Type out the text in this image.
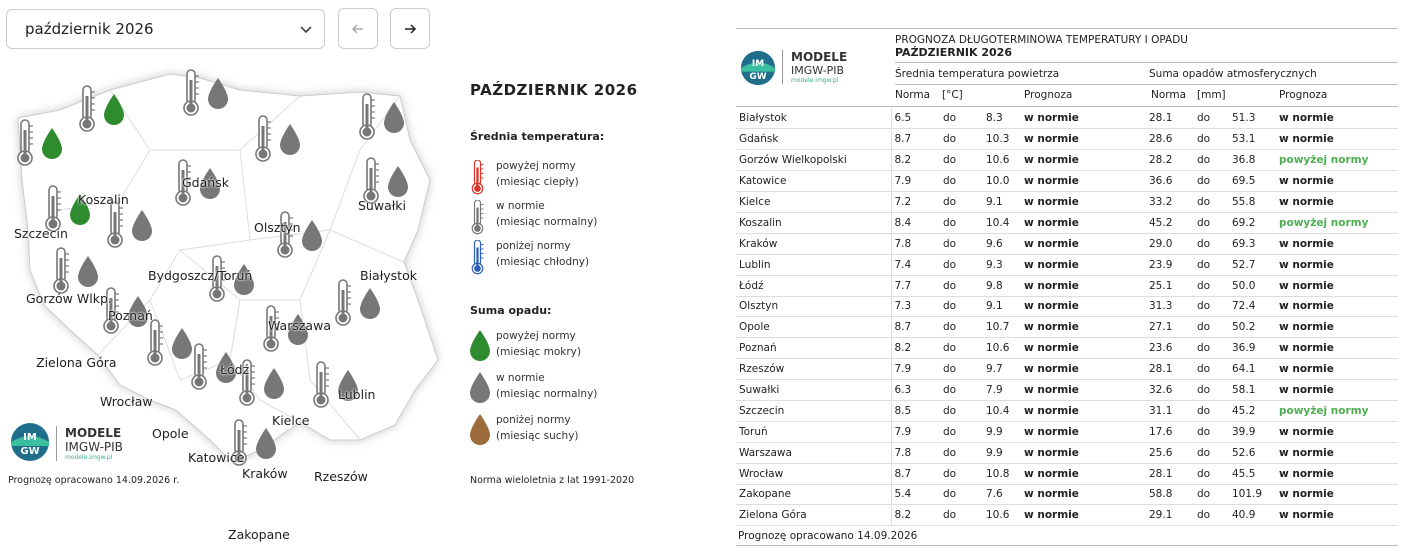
październik 2026
Gdańsk
Koszalin
Szczecin
Suwałki
Olsztyn
Białystok
Bydgoszcz/Toruń
Gorzów Wlkp.
Poznań
Warszawa
Zielona Góra	Łódź
Lublin
Wrocław
Opole
Kielce
Katowice
Kraków Rzeszów
Zakopane
IM
GW
MODELE
IMGW-PIB
modele.imgw.pl
Prognozę opracowano 14.09.2026 r.
PAŹDZIERNIK 2026
Średnia temperatura:
powyżej normy
(miesiąc ciepły)
w normie
(miesiąc normalny)
poniżej normy
(miesiąc chłodny)
Suma opadu:
powyżej normy
(miesiąc mokry)
w normie
(miesiąc normalny)
poniżej normy
(miesiąc suchy)
Norma wieloletnia z lat 1991-2020
IM
GW
MODELE
IMGW-PIB
modele.imgw.pl
PROGNOZA DŁUGOTERMINOWA TEMPERATURY I OPADU
PAŹDZIERNIK 2026
Średnia temperatura powietrza	Suma opadów atmosferycznych
Norma [°C]	Prognoza	Norma [mm]	Prognoza
Białystok	6.5	do	8.3	w normie	28.1	do	51.3	w normie
Gdańsk	8.7	do	10.3	w normie	28.6	do	53.1	w normie
Gorzów Wielkopolski	8.2	do	10.6	w normie	28.2	do	36.8	powyżej normy
Katowice	7.9	do	10.0	w normie	36.6	do	69.5	w normie
Kielce	7.2	do	9.1	w normie	33.2	do	55.8	w normie
Koszalin	8.4	do	10.4	w normie	45.2	do	69.2	powyżej normy
Kraków	7.8	do	9.6	w normie	29.0	do	69.3	w normie
Lublin	7.4	do	9.3	w normie	23.9	do	52.7	w normie
Łódź	7.7	do	9.8	w normie	25.1	do	50.0	w normie
Olsztyn	7.3	do	9.1	w normie	31.3	do	72.4	w normie
Opole	8.7	do	10.7	w normie	27.1	do	50.2	w normie
Poznań	8.2	do	10.6	w normie	23.6	do	36.9	w normie
Rzeszów	7.9	do	9.7	w normie	28.1	do	64.1	w normie
Suwałki	6.3	do	7.9	w normie	32.6	do	58.1	w normie
Szczecin	8.5	do	10.4	w normie	31.1	do	45.2	powyżej normy
Toruń	7.9	do	9.9	w normie	17.6	do	39.9	w normie
Warszawa	7.8	do	9.9	w normie	25.6	do	52.6	w normie
Wrocław	8.7	do	10.8	w normie	28.1	do	45.5	w normie
Zakopane	5.4	do	7.6	w normie	58.8	do	101.9	w normie
Zielona Góra	8.2	do	10.6	w normie	29.1	do	40.9	w normie
Prognozę opracowano 14.09.2026
